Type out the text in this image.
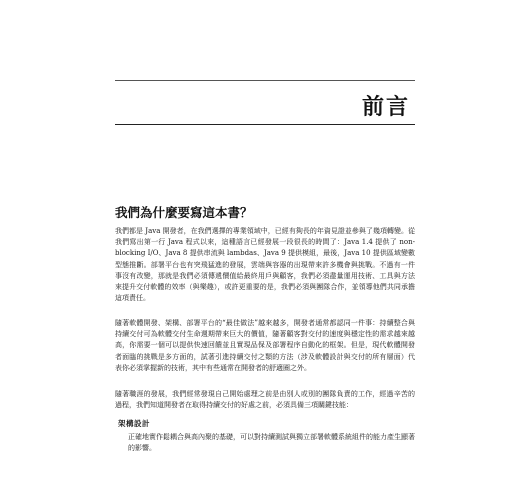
前言
我們為什麼要寫這本書？

我們都是 Java 開發者，在我們選擇的專業領域中，已經有夠長的年資見證並參與了幾項轉變。從我們寫出第一行 Java 程式以來，這種語言已經發展一段很長的時間了：Java 1.4 提供了 non-blocking I/O、Java 8 提供串流與 lambdas、Java 9 提供模組，最後，Java 10 提供區域變數型態推斷。部署平台也有突飛猛進的發展，雲端與容器的出現帶來許多機會與挑戰。不過有一件事沒有改變，那就是我們必須傳遞價值給最終用戶與顧客，我們必須盡量運用技術、工具與方法來提升交付軟體的效率（與樂趣），或許更重要的是，我們必須與團隊合作，並領導他們共同承擔這項責任。

隨著軟體開發、架構、部署平台的“最佳做法”越來越多，開發者通常都認同一件事：持續整合與持續交付可為軟體交付生命週期帶來巨大的價值，隨著顧客對交付的速度與穩定性的需求越來越高，你需要一個可以提供快速回饋並且實現品保及部署程序自動化的框架。但是，現代軟體開發者面臨的挑戰是多方面的，試著引進持續交付之類的方法（涉及軟體設計與交付的所有層面）代表你必須掌握新的技術，其中有些通常在開發者的舒適圈之外。

隨著職涯的發展，我們經常發現自己開始處理之前是由別人或別的團隊負責的工作，經過辛苦的過程，我們知道開發者在取得持續交付的好處之前，必須具備三項關鍵技能：

架構設計

正確地實作鬆耦合與高內聚的基礎，可以對持續測試與獨立部署軟體系統組件的能力產生顯著的影響。
